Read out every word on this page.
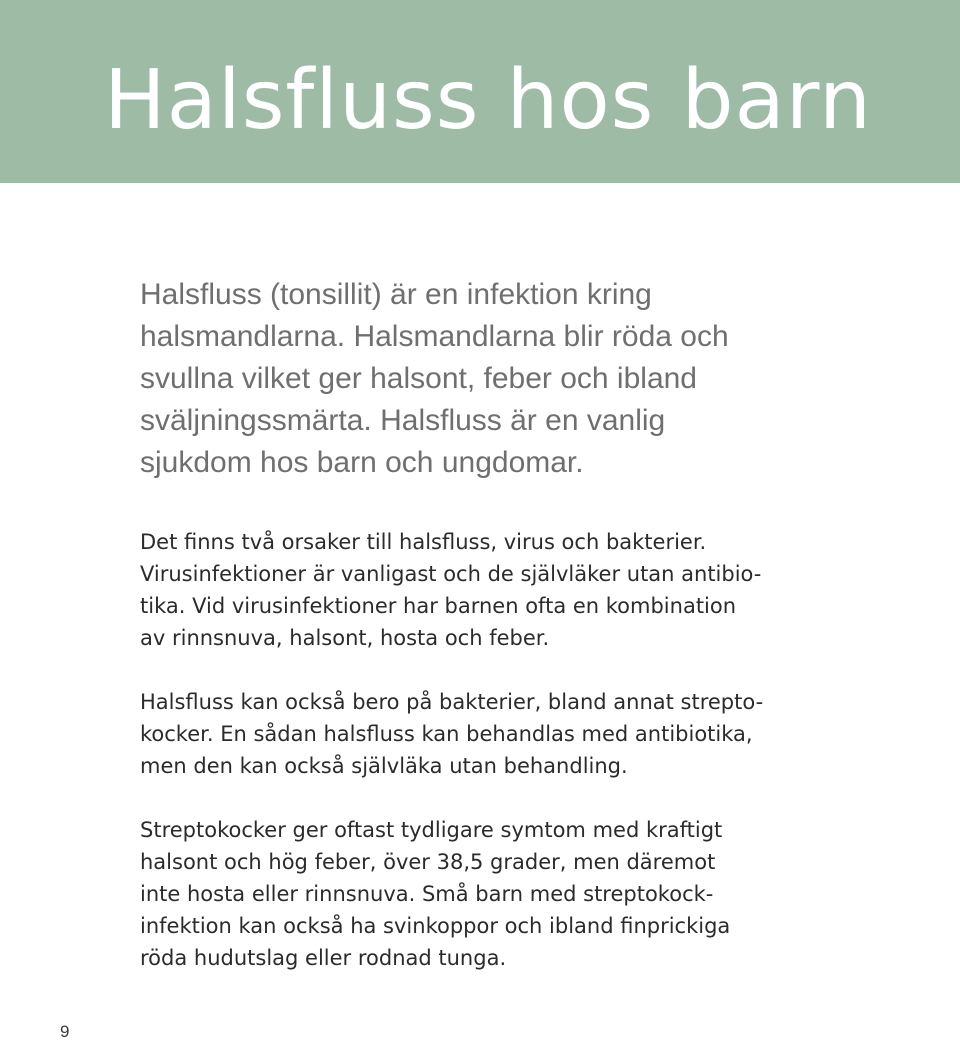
Halsfluss hos barn

Halsfluss (tonsillit) är en infektion kring
halsmandlarna. Halsmandlarna blir röda och
svullna vilket ger halsont, feber och ibland
sväljningssmärta. Halsfluss är en vanlig
sjukdom hos barn och ungdomar.

Det finns två orsaker till halsfluss, virus och bakterier.
Virusinfektioner är vanligast och de självläker utan antibio-
tika. Vid virusinfektioner har barnen ofta en kombination
av rinnsnuva, halsont, hosta och feber.

Halsfluss kan också bero på bakterier, bland annat strepto-
kocker. En sådan halsfluss kan behandlas med antibiotika,
men den kan också självläka utan behandling.

Streptokocker ger oftast tydligare symtom med kraftigt
halsont och hög feber, över 38,5 grader, men däremot
inte hosta eller rinnsnuva. Små barn med streptokock-
infektion kan också ha svinkoppor och ibland finprickiga
röda hudutslag eller rodnad tunga.

9
